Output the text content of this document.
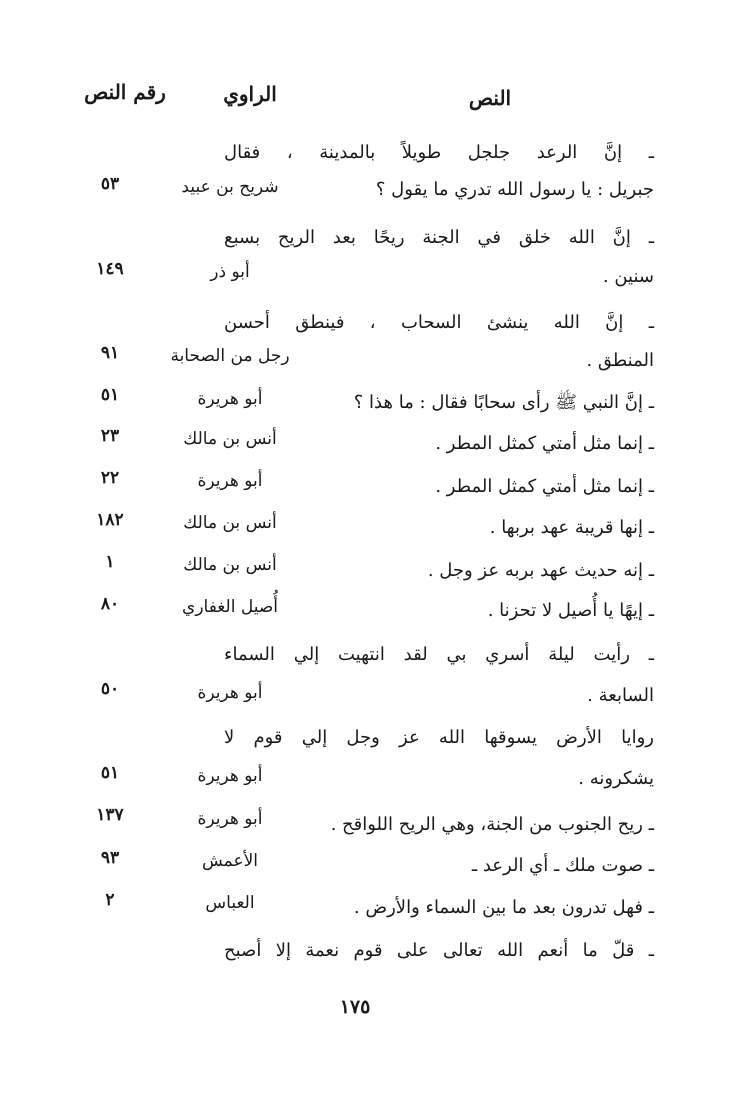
النص
الراوي
رقم النص
ـ إنَّ الرعد جلجل طويلاً بالمدينة ، فقال
جبريل : يا رسول الله تدري ما يقول ؟
شريح بن عبيد
٥٣
ـ إنَّ الله خلق في الجنة ريحًا بعد الريح بسبع
سنين .
أبو ذر
١٤٩
ـ إنَّ الله ينشئ السحاب ، فينطق أحسن
المنطق .
رجل من الصحابة
٩١
ـ إنَّ النبي ﷺ رأى سحابًا فقال : ما هذا ؟
أبو هريرة
٥١
ـ إنما مثل أمتي كمثل المطر .
أنس بن مالك
٢٣
ـ إنما مثل أمتي كمثل المطر .
أبو هريرة
٢٢
ـ إنها قريبة عهد بربها .
أنس بن مالك
١٨٢
ـ إنه حديث عهد بربه عز وجل .
أنس بن مالك
١
ـ إيهًا يا أُصيل لا تحزنا .
أُصيل الغفاري
٨٠
ـ رأيت ليلة أسري بي لقد انتهيت إلي السماء
السابعة .
أبو هريرة
٥٠
روايا الأرض يسوقها الله عز وجل إلي قوم لا
يشكرونه .
أبو هريرة
٥١
ـ ريح الجنوب من الجنة، وهي الريح اللواقح .
أبو هريرة
١٣٧
ـ صوت ملك ـ أي الرعد ـ
الأعمش
٩٣
ـ فهل تدرون بعد ما بين السماء والأرض .
العباس
٢
ـ قلّ ما أنعم الله تعالى على قوم نعمة إلا أصبح
١٧٥
